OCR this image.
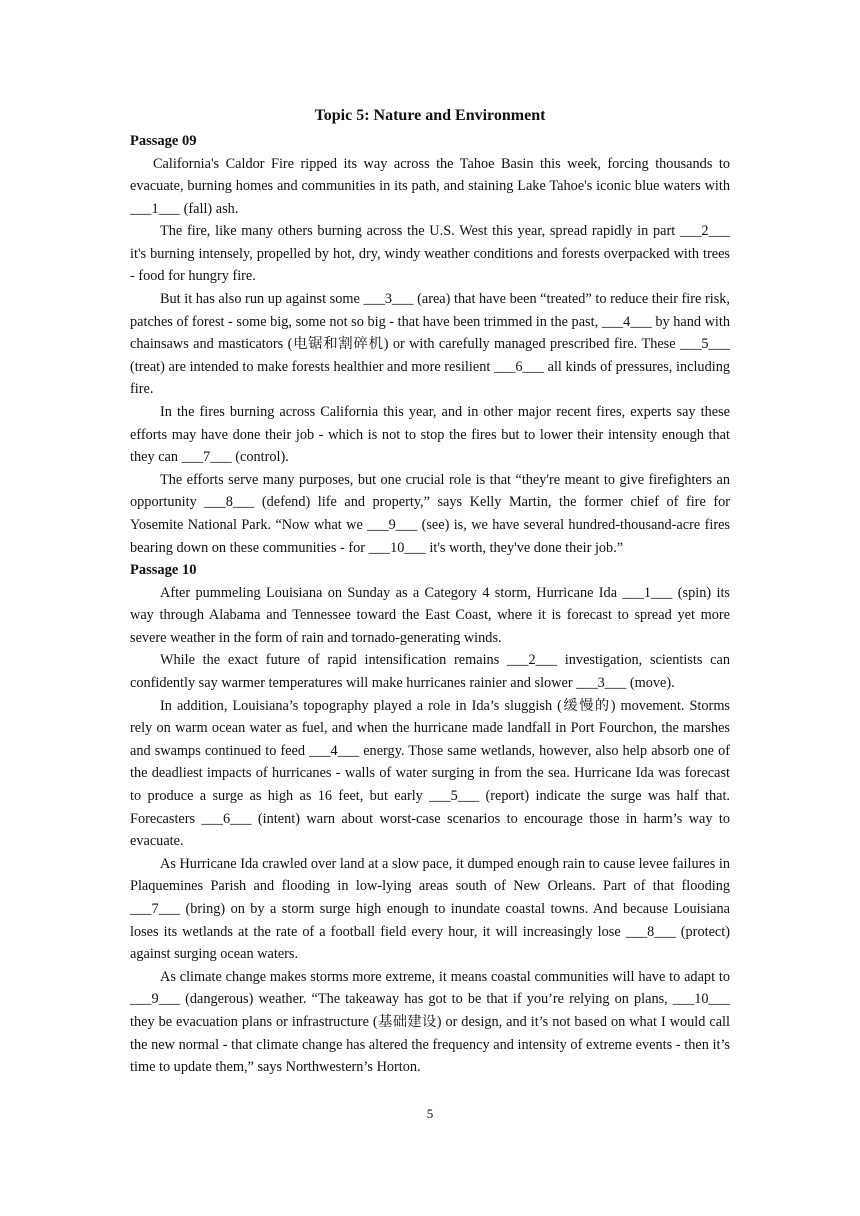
Topic 5: Nature and Environment
Passage 09

California's Caldor Fire ripped its way across the Tahoe Basin this week, forcing thousands to evacuate, burning homes and communities in its path, and staining Lake Tahoe's iconic blue waters with ___1___ (fall) ash.

The fire, like many others burning across the U.S. West this year, spread rapidly in part ___2___ it's burning intensely, propelled by hot, dry, windy weather conditions and forests overpacked with trees - food for hungry fire.

But it has also run up against some ___3___ (area) that have been “treated” to reduce their fire risk, patches of forest - some big, some not so big - that have been trimmed in the past, ___4___ by hand with chainsaws and masticators (电锯和割碎机) or with carefully managed prescribed fire. These ___5___ (treat) are intended to make forests healthier and more resilient ___6___ all kinds of pressures, including fire.

In the fires burning across California this year, and in other major recent fires, experts say these efforts may have done their job - which is not to stop the fires but to lower their intensity enough that they can ___7___ (control).

The efforts serve many purposes, but one crucial role is that “they're meant to give firefighters an opportunity ___8___ (defend) life and property,” says Kelly Martin, the former chief of fire for Yosemite National Park. “Now what we ___9___ (see) is, we have several hundred-thousand-acre fires bearing down on these communities - for ___10___ it's worth, they've done their job.”

Passage 10

After pummeling Louisiana on Sunday as a Category 4 storm, Hurricane Ida ___1___ (spin) its way through Alabama and Tennessee toward the East Coast, where it is forecast to spread yet more severe weather in the form of rain and tornado-generating winds.

While the exact future of rapid intensification remains ___2___ investigation, scientists can confidently say warmer temperatures will make hurricanes rainier and slower ___3___ (move).

In addition, Louisiana’s topography played a role in Ida’s sluggish (缓慢的) movement. Storms rely on warm ocean water as fuel, and when the hurricane made landfall in Port Fourchon, the marshes and swamps continued to feed ___4___ energy. Those same wetlands, however, also help absorb one of the deadliest impacts of hurricanes - walls of water surging in from the sea. Hurricane Ida was forecast to produce a surge as high as 16 feet, but early ___5___ (report) indicate the surge was half that. Forecasters ___6___ (intent) warn about worst-case scenarios to encourage those in harm’s way to evacuate.

As Hurricane Ida crawled over land at a slow pace, it dumped enough rain to cause levee failures in Plaquemines Parish and flooding in low-lying areas south of New Orleans. Part of that flooding ___7___ (bring) on by a storm surge high enough to inundate coastal towns. And because Louisiana loses its wetlands at the rate of a football field every hour, it will increasingly lose ___8___ (protect) against surging ocean waters.

As climate change makes storms more extreme, it means coastal communities will have to adapt to ___9___ (dangerous) weather. “The takeaway has got to be that if you’re relying on plans, ___10___ they be evacuation plans or infrastructure (基础建设) or design, and it’s not based on what I would call the new normal - that climate change has altered the frequency and intensity of extreme events - then it’s time to update them,” says Northwestern’s Horton.

5
